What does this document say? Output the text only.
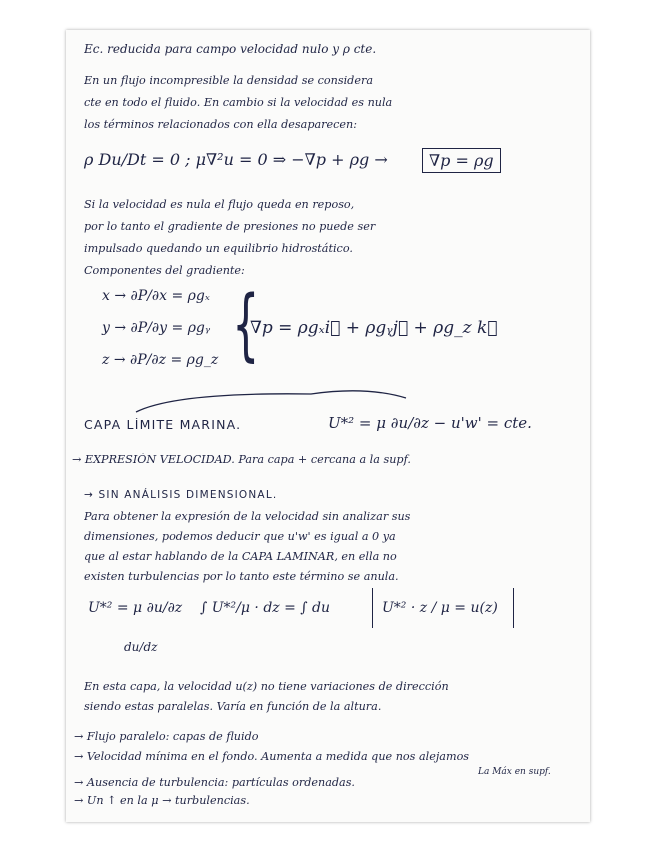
Ec. reducida para campo velocidad nulo y ρ cte.
En un flujo incompresible la densidad se considera
cte en todo el fluido. En cambio si la velocidad es nula
los términos relacionados con ella desaparecen:
ρ Du/Dt = 0 ; μ∇²u = 0 ⇒ −∇p + ρg →	∇p = ρg
Si la velocidad es nula el flujo queda en reposo,
por lo tanto el gradiente de presiones no puede ser
impulsado quedando un equilibrio hidrostático.
Componentes del gradiente:
x → ∂P/∂x = ρgₓ
y → ∂P/∂y = ρgᵧ
z → ∂P/∂z = ρg_z {
∇p = ρgₓi⃗ + ρgᵧj⃗ + ρg_z k⃗
CAPA LÍMITE MARINA.	U*² = μ ∂u/∂z − u'w' = cte.
→ EXPRESIÓN VELOCIDAD. Para capa + cercana a la supf.
→ SIN ANÁLISIS DIMENSIONAL.
Para obtener la expresión de la velocidad sin analizar sus
dimensiones, podemos deducir que u'w' es igual a 0 ya
que al estar hablando de la CAPA LAMINAR, en ella no
existen turbulencias por lo tanto este término se anula.
U*² = μ ∂u/∂z ∫ U*²/μ · dz = ∫ du	U*² · z / μ = u(z)
du/dz
En esta capa, la velocidad u(z) no tiene variaciones de dirección
siendo estas paralelas. Varía en función de la altura.
→ Flujo paralelo: capas de fluido
→ Velocidad mínima en el fondo. Aumenta a medida que nos alejamos
La Máx en supf.
→ Ausencia de turbulencia: partículas ordenadas.
→ Un ↑ en la μ → turbulencias.
